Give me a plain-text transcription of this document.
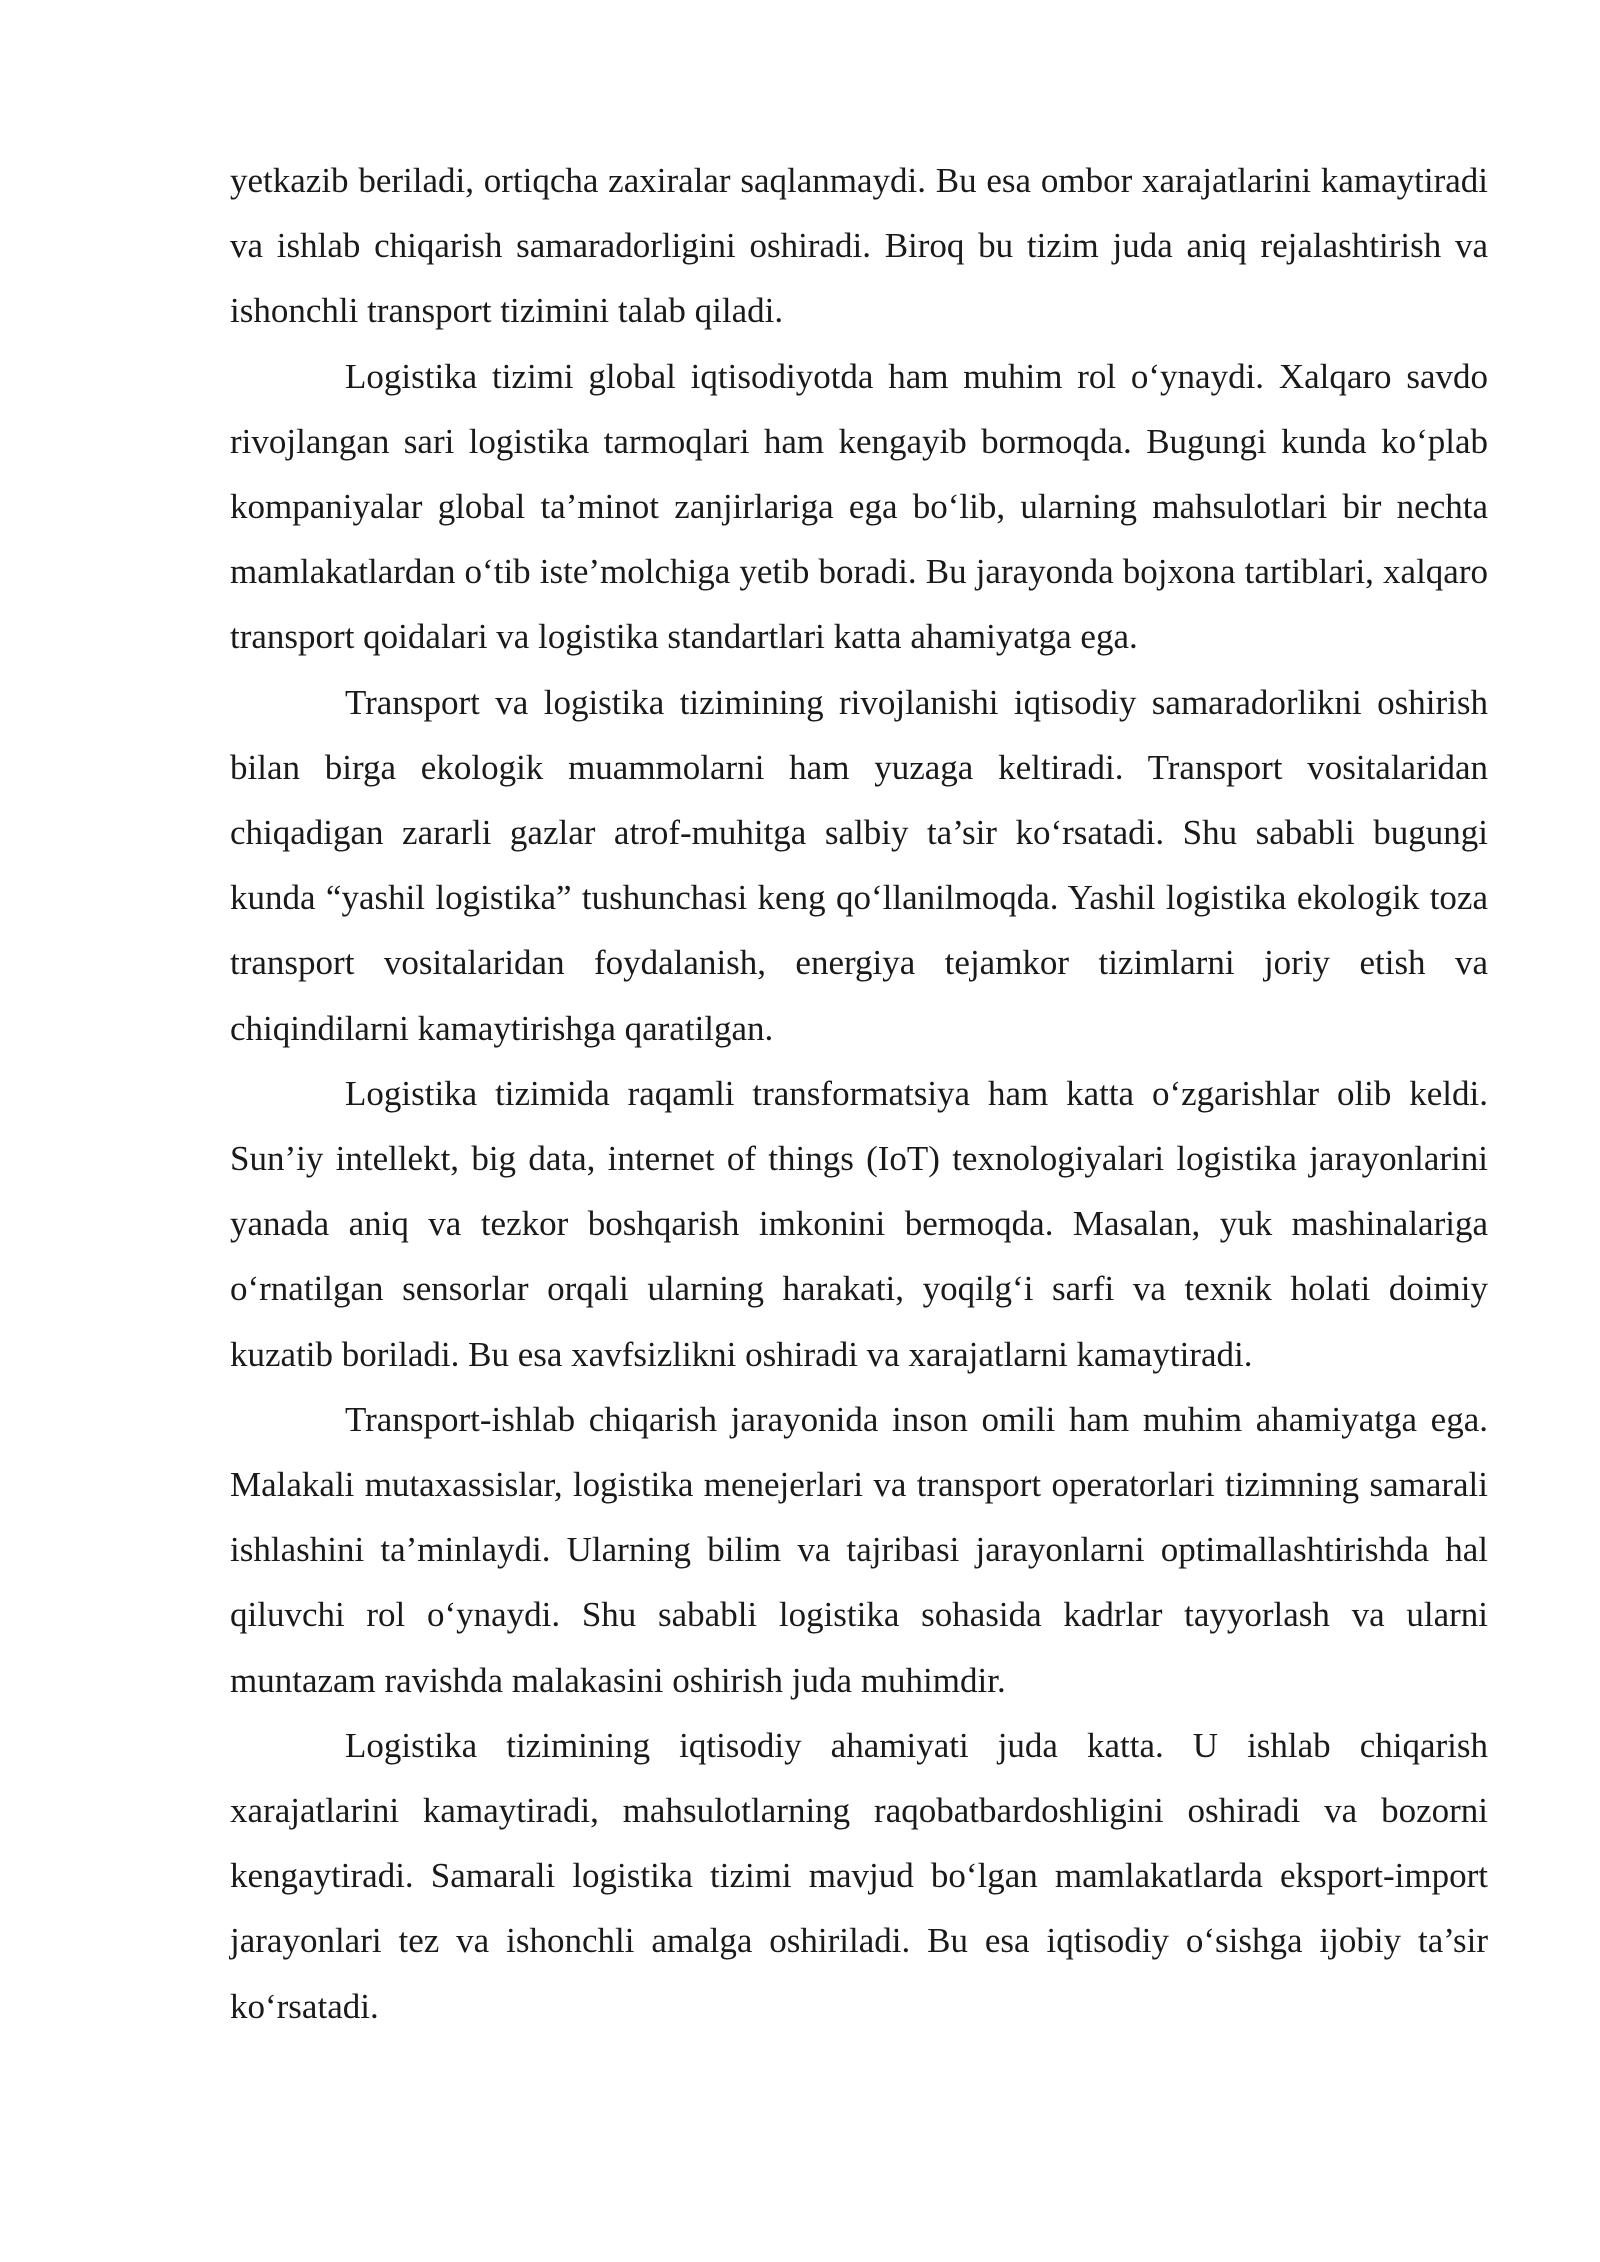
yetkazib beriladi, ortiqcha zaxiralar saqlanmaydi. Bu esa ombor xarajatlarini kamaytiradi va ishlab chiqarish samaradorligini oshiradi. Biroq bu tizim juda aniq rejalashtirish va ishonchli transport tizimini talab qiladi.

Logistika tizimi global iqtisodiyotda ham muhim rol o‘ynaydi. Xalqaro savdo rivojlangan sari logistika tarmoqlari ham kengayib bormoqda. Bugungi kunda ko‘plab kompaniyalar global ta’minot zanjirlariga ega bo‘lib, ularning mahsulotlari bir nechta mamlakatlardan o‘tib iste’molchiga yetib boradi. Bu jarayonda bojxona tartiblari, xalqaro transport qoidalari va logistika standartlari katta ahamiyatga ega.

Transport va logistika tizimining rivojlanishi iqtisodiy samaradorlikni oshirish bilan birga ekologik muammolarni ham yuzaga keltiradi. Transport vositalaridan chiqadigan zararli gazlar atrof-muhitga salbiy ta’sir ko‘rsatadi. Shu sababli bugungi kunda “yashil logistika” tushunchasi keng qo‘llanilmoqda. Yashil logistika ekologik toza transport vositalaridan foydalanish, energiya tejamkor tizimlarni joriy etish va chiqindilarni kamaytirishga qaratilgan.

Logistika tizimida raqamli transformatsiya ham katta o‘zgarishlar olib keldi. Sun’iy intellekt, big data, internet of things (IoT) texnologiyalari logistika jarayonlarini yanada aniq va tezkor boshqarish imkonini bermoqda. Masalan, yuk mashinalariga o‘rnatilgan sensorlar orqali ularning harakati, yoqilg‘i sarfi va texnik holati doimiy kuzatib boriladi. Bu esa xavfsizlikni oshiradi va xarajatlarni kamaytiradi.

Transport-ishlab chiqarish jarayonida inson omili ham muhim ahamiyatga ega. Malakali mutaxassislar, logistika menejerlari va transport operatorlari tizimning samarali ishlashini ta’minlaydi. Ularning bilim va tajribasi jarayonlarni optimallashtirishda hal qiluvchi rol o‘ynaydi. Shu sababli logistika sohasida kadrlar tayyorlash va ularni muntazam ravishda malakasini oshirish juda muhimdir.

Logistika tizimining iqtisodiy ahamiyati juda katta. U ishlab chiqarish xarajatlarini kamaytiradi, mahsulotlarning raqobatbardoshligini oshiradi va bozorni kengaytiradi. Samarali logistika tizimi mavjud bo‘lgan mamlakatlarda eksport-import jarayonlari tez va ishonchli amalga oshiriladi. Bu esa iqtisodiy o‘sishga ijobiy ta’sir ko‘rsatadi.
